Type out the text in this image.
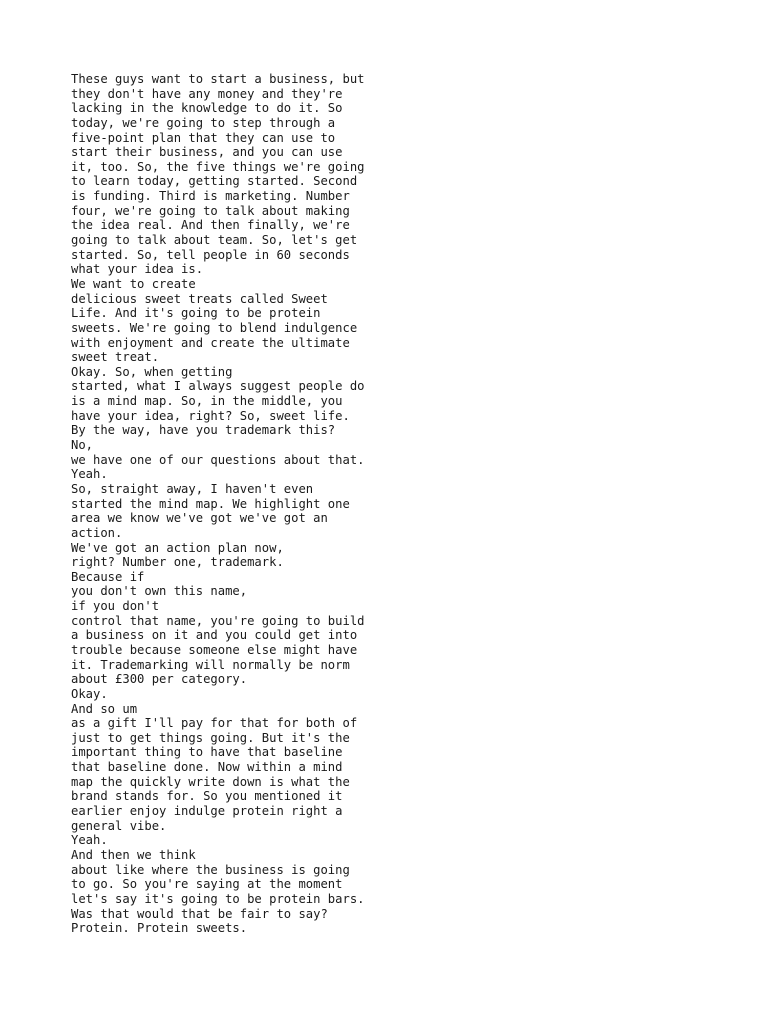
These guys want to start a business, but
they don't have any money and they're
lacking in the knowledge to do it. So
today, we're going to step through a
five-point plan that they can use to
start their business, and you can use
it, too. So, the five things we're going
to learn today, getting started. Second
is funding. Third is marketing. Number
four, we're going to talk about making
the idea real. And then finally, we're
going to talk about team. So, let's get
started. So, tell people in 60 seconds
what your idea is.
We want to create
delicious sweet treats called Sweet
Life. And it's going to be protein
sweets. We're going to blend indulgence
with enjoyment and create the ultimate
sweet treat.
Okay. So, when getting
started, what I always suggest people do
is a mind map. So, in the middle, you
have your idea, right? So, sweet life.
By the way, have you trademark this?
No,
we have one of our questions about that.
Yeah.
So, straight away, I haven't even
started the mind map. We highlight one
area we know we've got we've got an
action.
We've got an action plan now,
right? Number one, trademark.
Because if
you don't own this name,
if you don't
control that name, you're going to build
a business on it and you could get into
trouble because someone else might have
it. Trademarking will normally be norm
about £300 per category.
Okay.
And so um
as a gift I'll pay for that for both of
just to get things going. But it's the
important thing to have that baseline
that baseline done. Now within a mind
map the quickly write down is what the
brand stands for. So you mentioned it
earlier enjoy indulge protein right a
general vibe.
Yeah.
And then we think
about like where the business is going
to go. So you're saying at the moment
let's say it's going to be protein bars.
Was that would that be fair to say?
Protein. Protein sweets.
